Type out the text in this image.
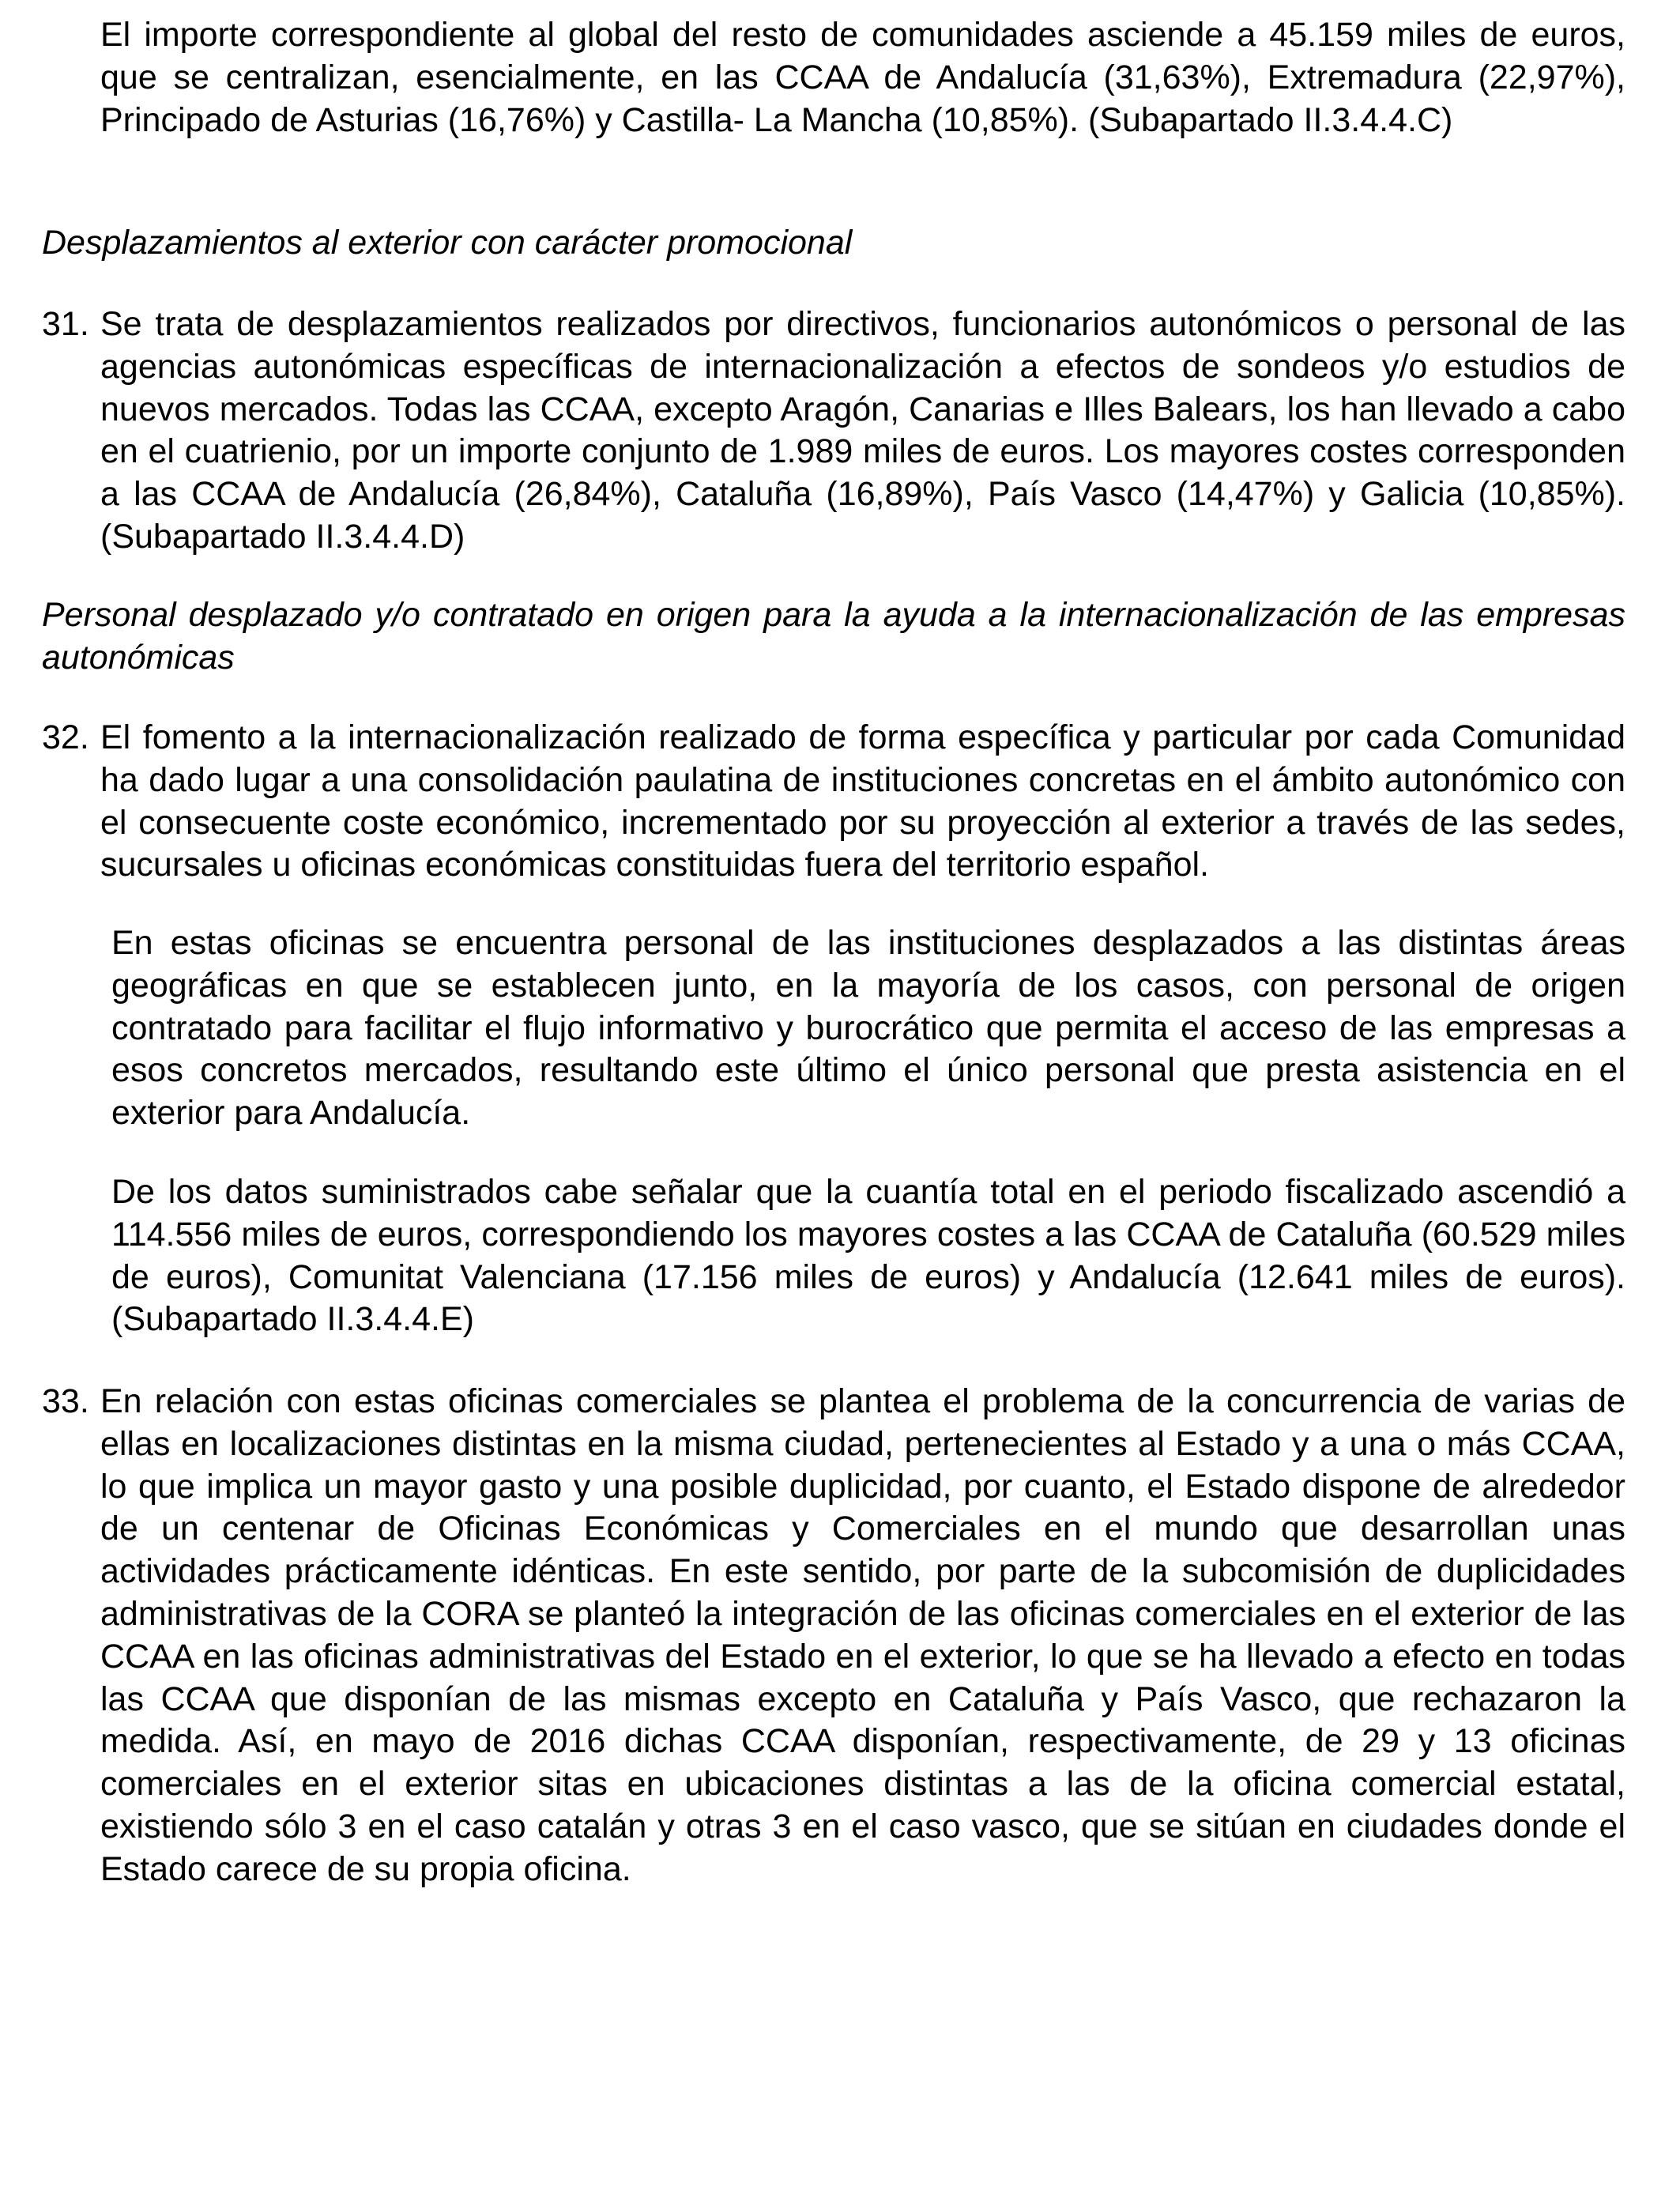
El importe correspondiente al global del resto de comunidades asciende a 45.159 miles de euros, que se centralizan, esencialmente, en las CCAA de Andalucía (31,63%), Extremadura (22,97%), Principado de Asturias (16,76%) y Castilla- La Mancha (10,85%). (Subapartado II.3.4.4.C)

Desplazamientos al exterior con carácter promocional

31. Se trata de desplazamientos realizados por directivos, funcionarios autonómicos o personal de las agencias autonómicas específicas de internacionalización a efectos de sondeos y/o estudios de nuevos mercados. Todas las CCAA, excepto Aragón, Canarias e Illes Balears, los han llevado a cabo en el cuatrienio, por un importe conjunto de 1.989 miles de euros. Los mayores costes corresponden a las CCAA de Andalucía (26,84%), Cataluña (16,89%), País Vasco (14,47%) y Galicia (10,85%). (Subapartado II.3.4.4.D)

Personal desplazado y/o contratado en origen para la ayuda a la internacionalización de las empresas autonómicas

32. El fomento a la internacionalización realizado de forma específica y particular por cada Comunidad ha dado lugar a una consolidación paulatina de instituciones concretas en el ámbito autonómico con el consecuente coste económico, incrementado por su proyección al exterior a través de las sedes, sucursales u oficinas económicas constituidas fuera del territorio español.

En estas oficinas se encuentra personal de las instituciones desplazados a las distintas áreas geográficas en que se establecen junto, en la mayoría de los casos, con personal de origen contratado para facilitar el flujo informativo y burocrático que permita el acceso de las empresas a esos concretos mercados, resultando este último el único personal que presta asistencia en el exterior para Andalucía.

De los datos suministrados cabe señalar que la cuantía total en el periodo fiscalizado ascendió a 114.556 miles de euros, correspondiendo los mayores costes a las CCAA de Cataluña (60.529 miles de euros), Comunitat Valenciana (17.156 miles de euros) y Andalucía (12.641 miles de euros). (Subapartado II.3.4.4.E)

33. En relación con estas oficinas comerciales se plantea el problema de la concurrencia de varias de ellas en localizaciones distintas en la misma ciudad, pertenecientes al Estado y a una o más CCAA, lo que implica un mayor gasto y una posible duplicidad, por cuanto, el Estado dispone de alrededor de un centenar de Oficinas Económicas y Comerciales en el mundo que desarrollan unas actividades prácticamente idénticas. En este sentido, por parte de la subcomisión de duplicidades administrativas de la CORA se planteó la integración de las oficinas comerciales en el exterior de las CCAA en las oficinas administrativas del Estado en el exterior, lo que se ha llevado a efecto en todas las CCAA que disponían de las mismas excepto en Cataluña y País Vasco, que rechazaron la medida. Así, en mayo de 2016 dichas CCAA disponían, respectivamente, de 29 y 13 oficinas comerciales en el exterior sitas en ubicaciones distintas a las de la oficina comercial estatal, existiendo sólo 3 en el caso catalán y otras 3 en el caso vasco, que se sitúan en ciudades donde el Estado carece de su propia oficina.
